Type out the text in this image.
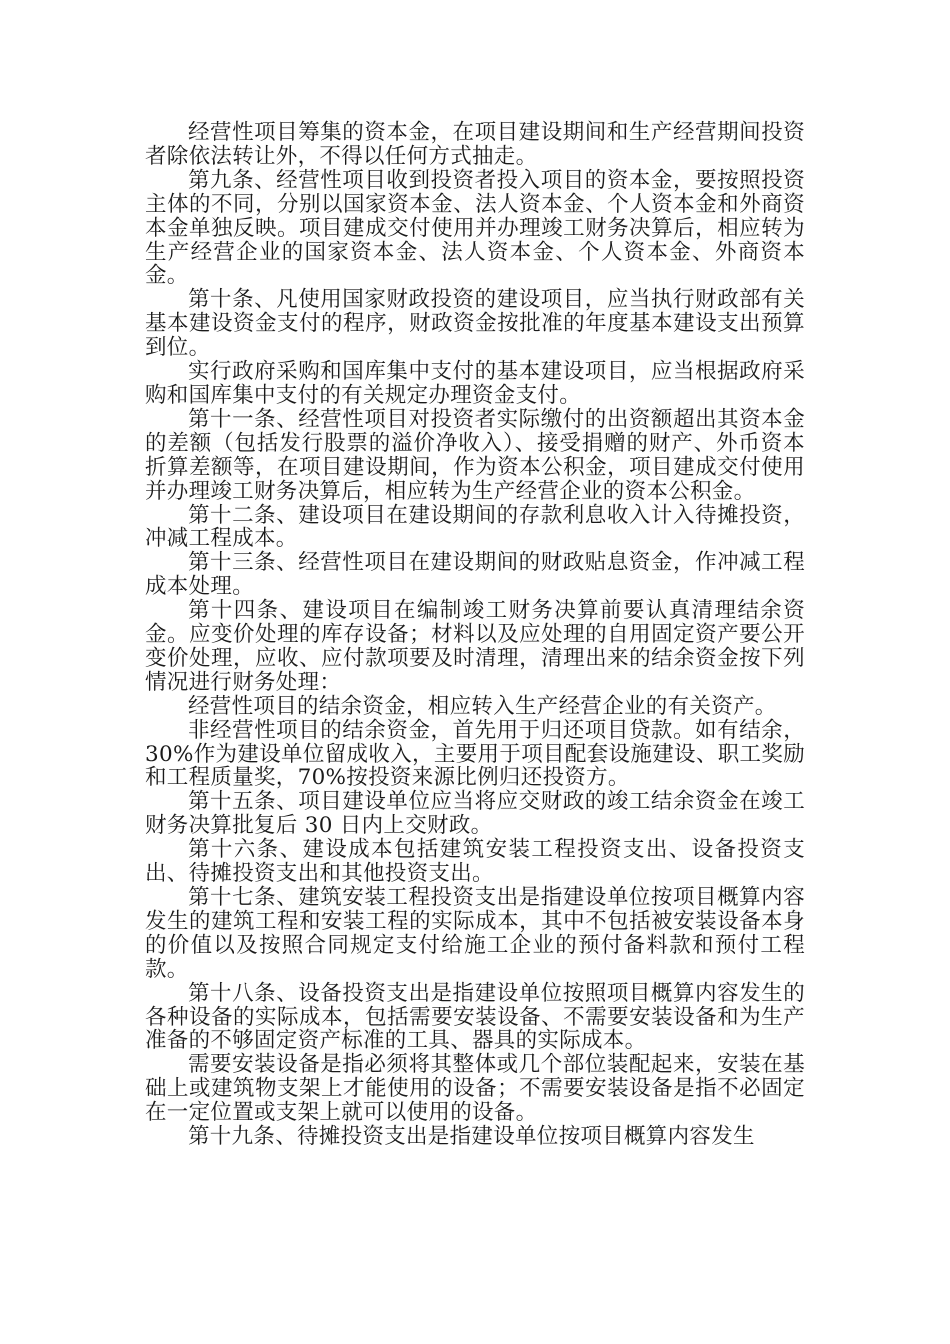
经营性项目筹集的资本金，在项目建设期间和生产经营期间投资者除依法转让外，不得以任何方式抽走。

第九条、经营性项目收到投资者投入项目的资本金，要按照投资主体的不同，分别以国家资本金、法人资本金、个人资本金和外商资本金单独反映。项目建成交付使用并办理竣工财务决算后，相应转为生产经营企业的国家资本金、法人资本金、个人资本金、外商资本金。

第十条、凡使用国家财政投资的建设项目，应当执行财政部有关基本建设资金支付的程序，财政资金按批准的年度基本建设支出预算到位。

实行政府采购和国库集中支付的基本建设项目，应当根据政府采购和国库集中支付的有关规定办理资金支付。

第十一条、经营性项目对投资者实际缴付的出资额超出其资本金的差额（包括发行股票的溢价净收入）、接受捐赠的财产、外币资本折算差额等，在项目建设期间，作为资本公积金，项目建成交付使用并办理竣工财务决算后，相应转为生产经营企业的资本公积金。

第十二条、建设项目在建设期间的存款利息收入计入待摊投资，冲减工程成本。

第十三条、经营性项目在建设期间的财政贴息资金，作冲减工程成本处理。

第十四条、建设项目在编制竣工财务决算前要认真清理结余资金。应变价处理的库存设备；材料以及应处理的自用固定资产要公开变价处理，应收、应付款项要及时清理，清理出来的结余资金按下列情况进行财务处理：

经营性项目的结余资金，相应转入生产经营企业的有关资产。

非经营性项目的结余资金，首先用于归还项目贷款。如有结余，30%作为建设单位留成收入，主要用于项目配套设施建设、职工奖励和工程质量奖，70%按投资来源比例归还投资方。

第十五条、项目建设单位应当将应交财政的竣工结余资金在竣工财务决算批复后 30 日内上交财政。

第十六条、建设成本包括建筑安装工程投资支出、设备投资支出、待摊投资支出和其他投资支出。

第十七条、建筑安装工程投资支出是指建设单位按项目概算内容发生的建筑工程和安装工程的实际成本，其中不包括被安装设备本身的价值以及按照合同规定支付给施工企业的预付备料款和预付工程款。

第十八条、设备投资支出是指建设单位按照项目概算内容发生的各种设备的实际成本，包括需要安装设备、不需要安装设备和为生产准备的不够固定资产标准的工具、器具的实际成本。

需要安装设备是指必须将其整体或几个部位装配起来，安装在基础上或建筑物支架上才能使用的设备；不需要安装设备是指不必固定在一定位置或支架上就可以使用的设备。

第十九条、待摊投资支出是指建设单位按项目概算内容发生
